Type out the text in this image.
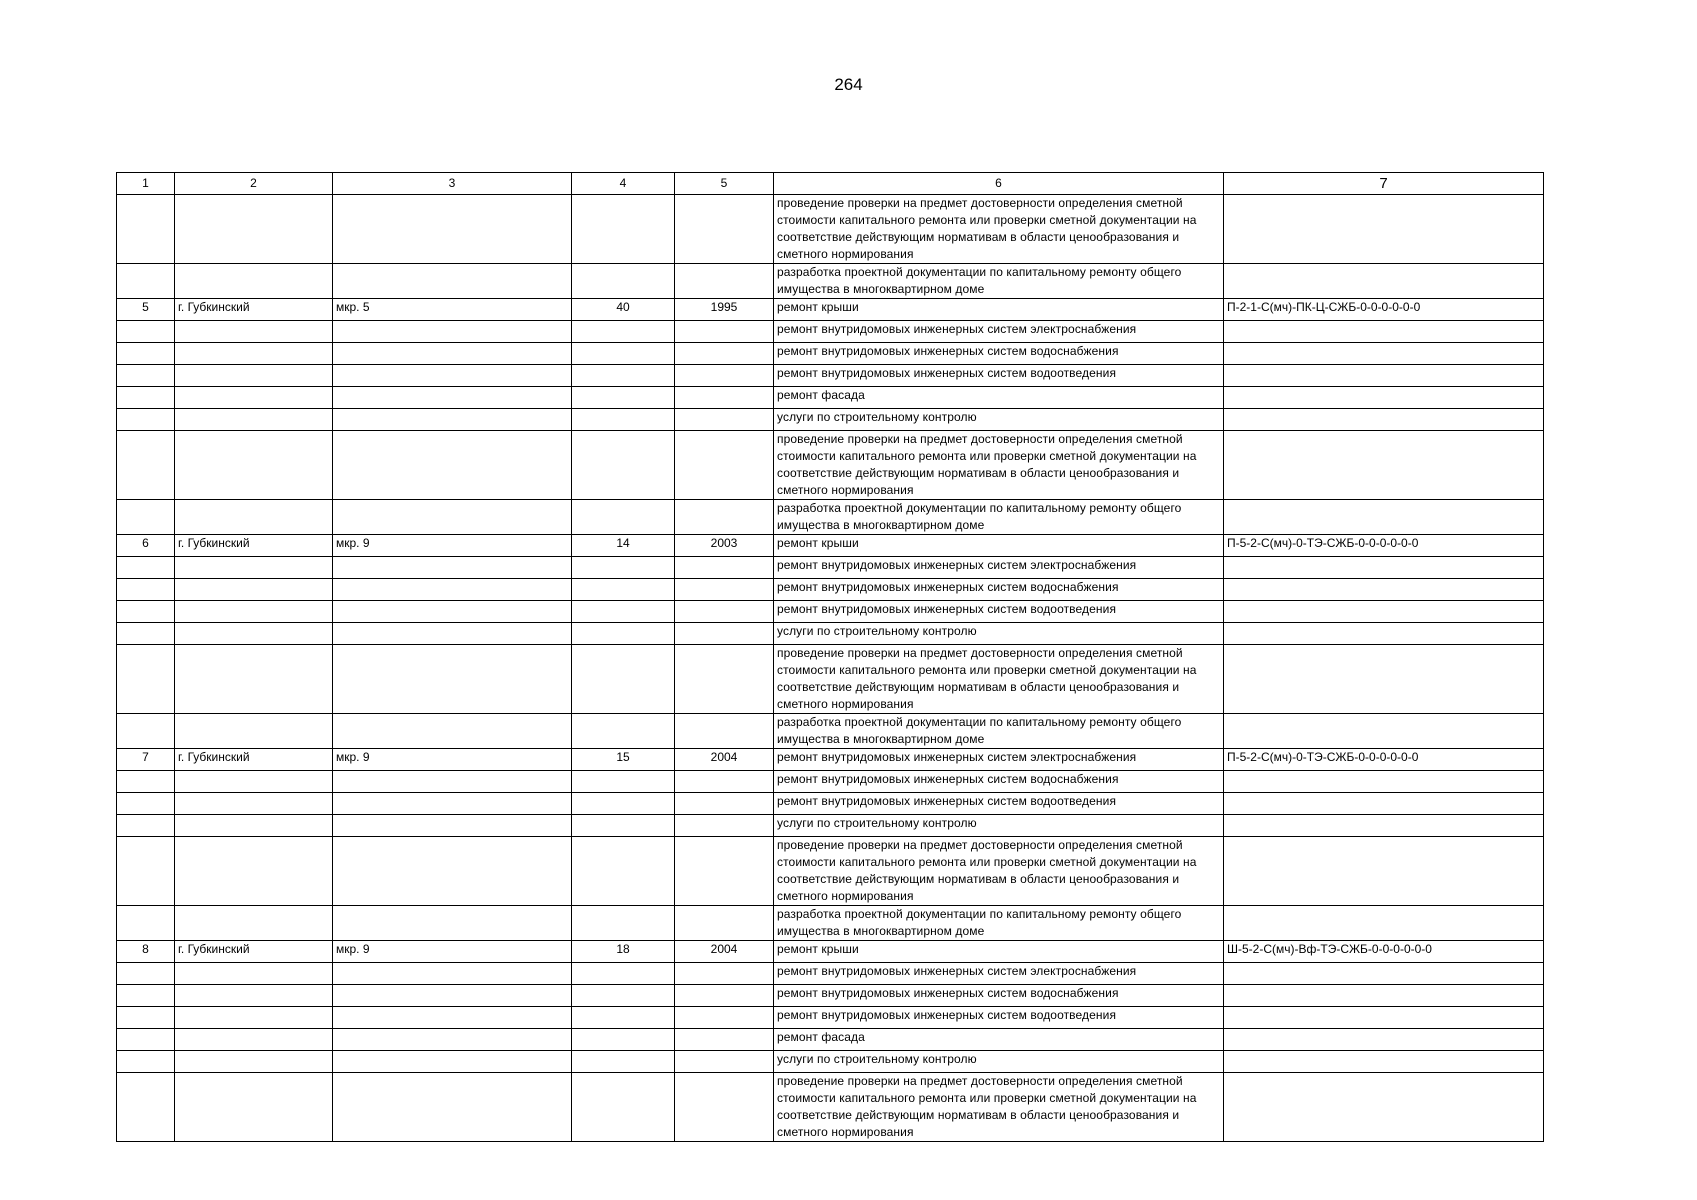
264
1	2	3	4	5	6	7
					проведение проверки на предмет достоверности определения сметной стоимости капитального ремонта или проверки сметной документации на соответствие действующим нормативам в области ценообразования и сметного нормирования	
					разработка проектной документации по капитальному ремонту общего имущества в многоквартирном доме	
5	г. Губкинский	мкр. 5	40	1995	ремонт крыши	П-2-1-С(мч)-ПК-Ц-СЖБ-0-0-0-0-0-0
					ремонт внутридомовых инженерных систем электроснабжения	
					ремонт внутридомовых инженерных систем водоснабжения	
					ремонт внутридомовых инженерных систем водоотведения	
					ремонт фасада	
					услуги по строительному контролю	
					проведение проверки на предмет достоверности определения сметной стоимости капитального ремонта или проверки сметной документации на соответствие действующим нормативам в области ценообразования и сметного нормирования	
					разработка проектной документации по капитальному ремонту общего имущества в многоквартирном доме	
6	г. Губкинский	мкр. 9	14	2003	ремонт крыши	П-5-2-С(мч)-0-ТЭ-СЖБ-0-0-0-0-0-0
					ремонт внутридомовых инженерных систем электроснабжения	
					ремонт внутридомовых инженерных систем водоснабжения	
					ремонт внутридомовых инженерных систем водоотведения	
					услуги по строительному контролю	
					проведение проверки на предмет достоверности определения сметной стоимости капитального ремонта или проверки сметной документации на соответствие действующим нормативам в области ценообразования и сметного нормирования	
					разработка проектной документации по капитальному ремонту общего имущества в многоквартирном доме	
7	г. Губкинский	мкр. 9	15	2004	ремонт внутридомовых инженерных систем электроснабжения	П-5-2-С(мч)-0-ТЭ-СЖБ-0-0-0-0-0-0
					ремонт внутридомовых инженерных систем водоснабжения	
					ремонт внутридомовых инженерных систем водоотведения	
					услуги по строительному контролю	
					проведение проверки на предмет достоверности определения сметной стоимости капитального ремонта или проверки сметной документации на соответствие действующим нормативам в области ценообразования и сметного нормирования	
					разработка проектной документации по капитальному ремонту общего имущества в многоквартирном доме	
8	г. Губкинский	мкр. 9	18	2004	ремонт крыши	Ш-5-2-С(мч)-Вф-ТЭ-СЖБ-0-0-0-0-0-0
					ремонт внутридомовых инженерных систем электроснабжения	
					ремонт внутридомовых инженерных систем водоснабжения	
					ремонт внутридомовых инженерных систем водоотведения	
					ремонт фасада	
					услуги по строительному контролю	
					проведение проверки на предмет достоверности определения сметной стоимости капитального ремонта или проверки сметной документации на соответствие действующим нормативам в области ценообразования и сметного нормирования	
